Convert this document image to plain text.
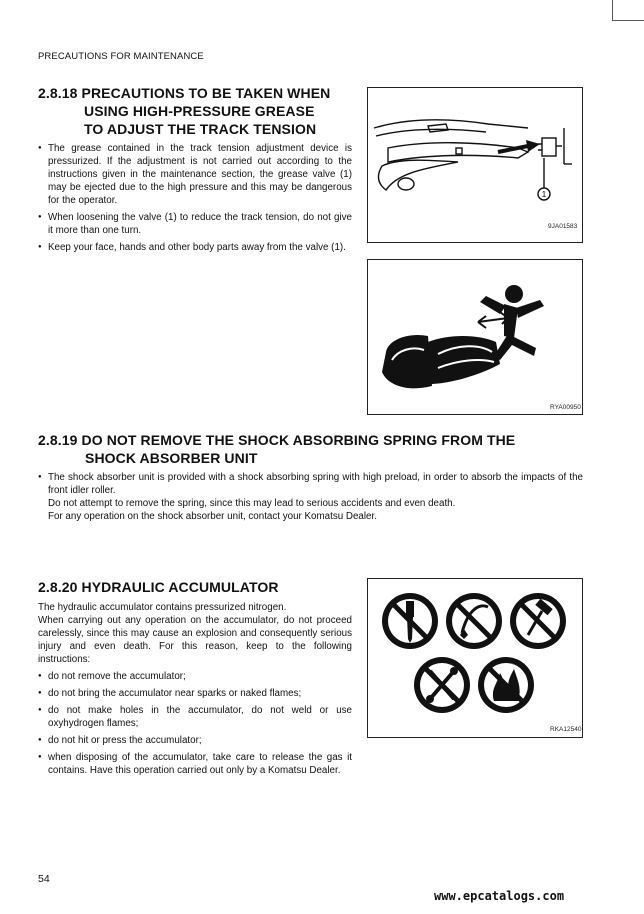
PRECAUTIONS FOR MAINTENANCE
2.8.18 PRECAUTIONS TO BE TAKEN WHEN
USING HIGH-PRESSURE GREASE
TO ADJUST THE TRACK TENSION
● The grease contained in the track tension adjustment device is pressurized. If the adjustment is not carried out according to the instructions given in the maintenance section, the grease valve (1) may be ejected due to the high pressure and this may be dangerous for the operator.
● When loosening the valve (1) to reduce the track tension, do not give it more than one turn.
● Keep your face, hands and other body parts away from the valve (1).
1
9JA01583
RYA00950
2.8.19 DO NOT REMOVE THE SHOCK ABSORBING SPRING FROM THE
SHOCK ABSORBER UNIT
● The shock absorber unit is provided with a shock absorbing spring with high preload, in order to absorb the impacts of the front idler roller.
Do not attempt to remove the spring, since this may lead to serious accidents and even death.
For any operation on the shock absorber unit, contact your Komatsu Dealer.
2.8.20 HYDRAULIC ACCUMULATOR
The hydraulic accumulator contains pressurized nitrogen.
When carrying out any operation on the accumulator, do not proceed carelessly, since this may cause an explosion and consequently serious injury and even death. For this reason, keep to the following instructions:
● do not remove the accumulator;
● do not bring the accumulator near sparks or naked flames;
● do not make holes in the accumulator, do not weld or use oxyhydrogen flames;
● do not hit or press the accumulator;
● when disposing of the accumulator, take care to release the gas it contains. Have this operation carried out only by a Komatsu Dealer.
RKA12540
54
www.epcatalogs.com
